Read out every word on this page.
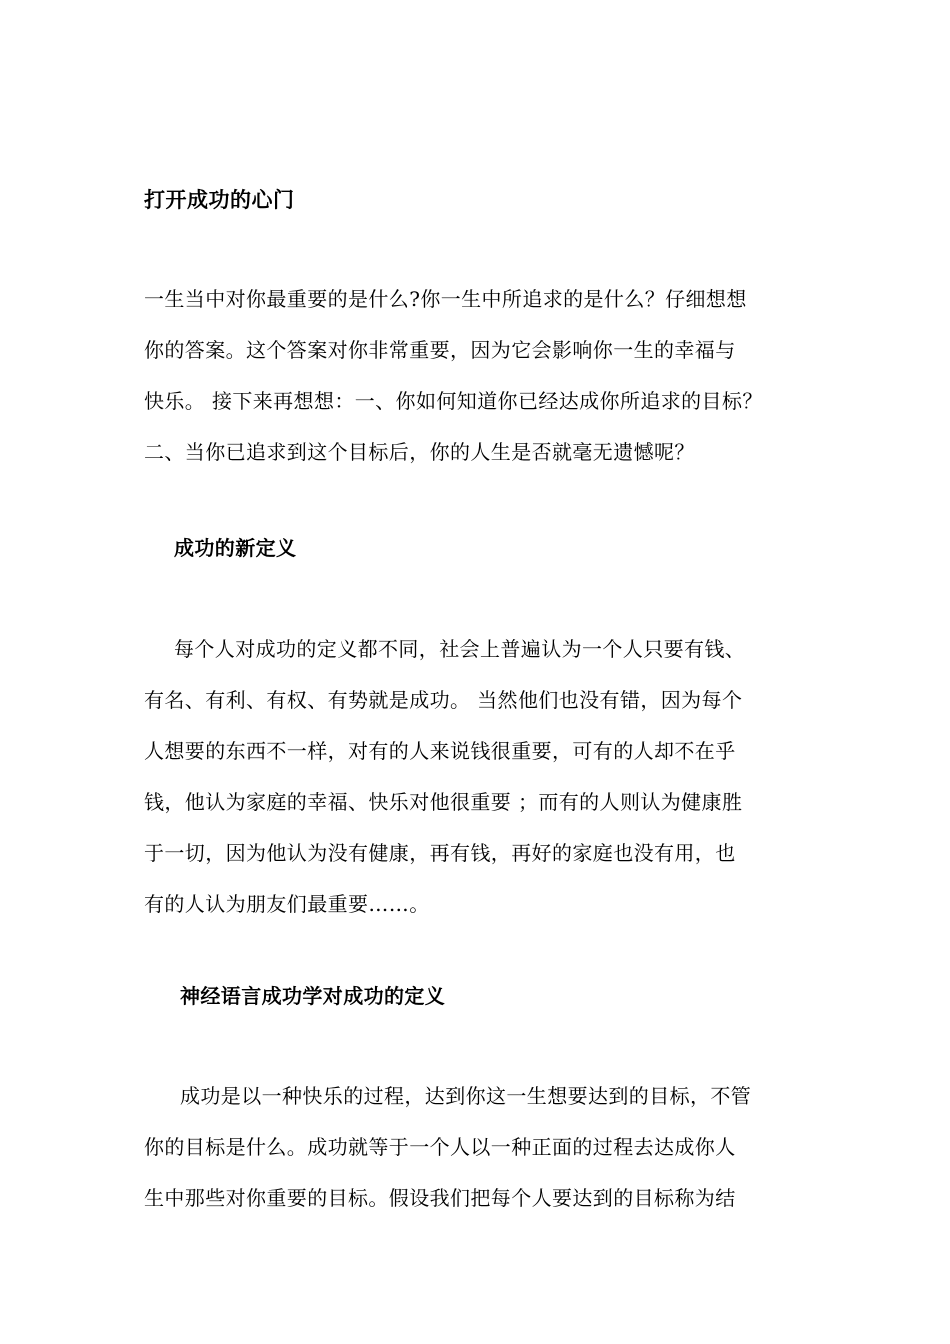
打开成功的心门
一生当中对你最重要的是什么?你一生中所追求的是什么？仔细想想
你的答案。这个答案对你非常重要，因为它会影响你一生的幸福与
快乐。 接下来再想想：一、你如何知道你已经达成你所追求的目标？
二、当你已追求到这个目标后，你的人生是否就毫无遗憾呢？
成功的新定义
每个人对成功的定义都不同，社会上普遍认为一个人只要有钱、
有名、有利、有权、有势就是成功。 当然他们也没有错，因为每个
人想要的东西不一样，对有的人来说钱很重要，可有的人却不在乎
钱，他认为家庭的幸福、快乐对他很重要 ；而有的人则认为健康胜
于一切，因为他认为没有健康，再有钱，再好的家庭也没有用，也
有的人认为朋友们最重要……。
神经语言成功学对成功的定义
成功是以一种快乐的过程，达到你这一生想要达到的目标，不管
你的目标是什么。成功就等于一个人以一种正面的过程去达成你人
生中那些对你重要的目标。假设我们把每个人要达到的目标称为结
